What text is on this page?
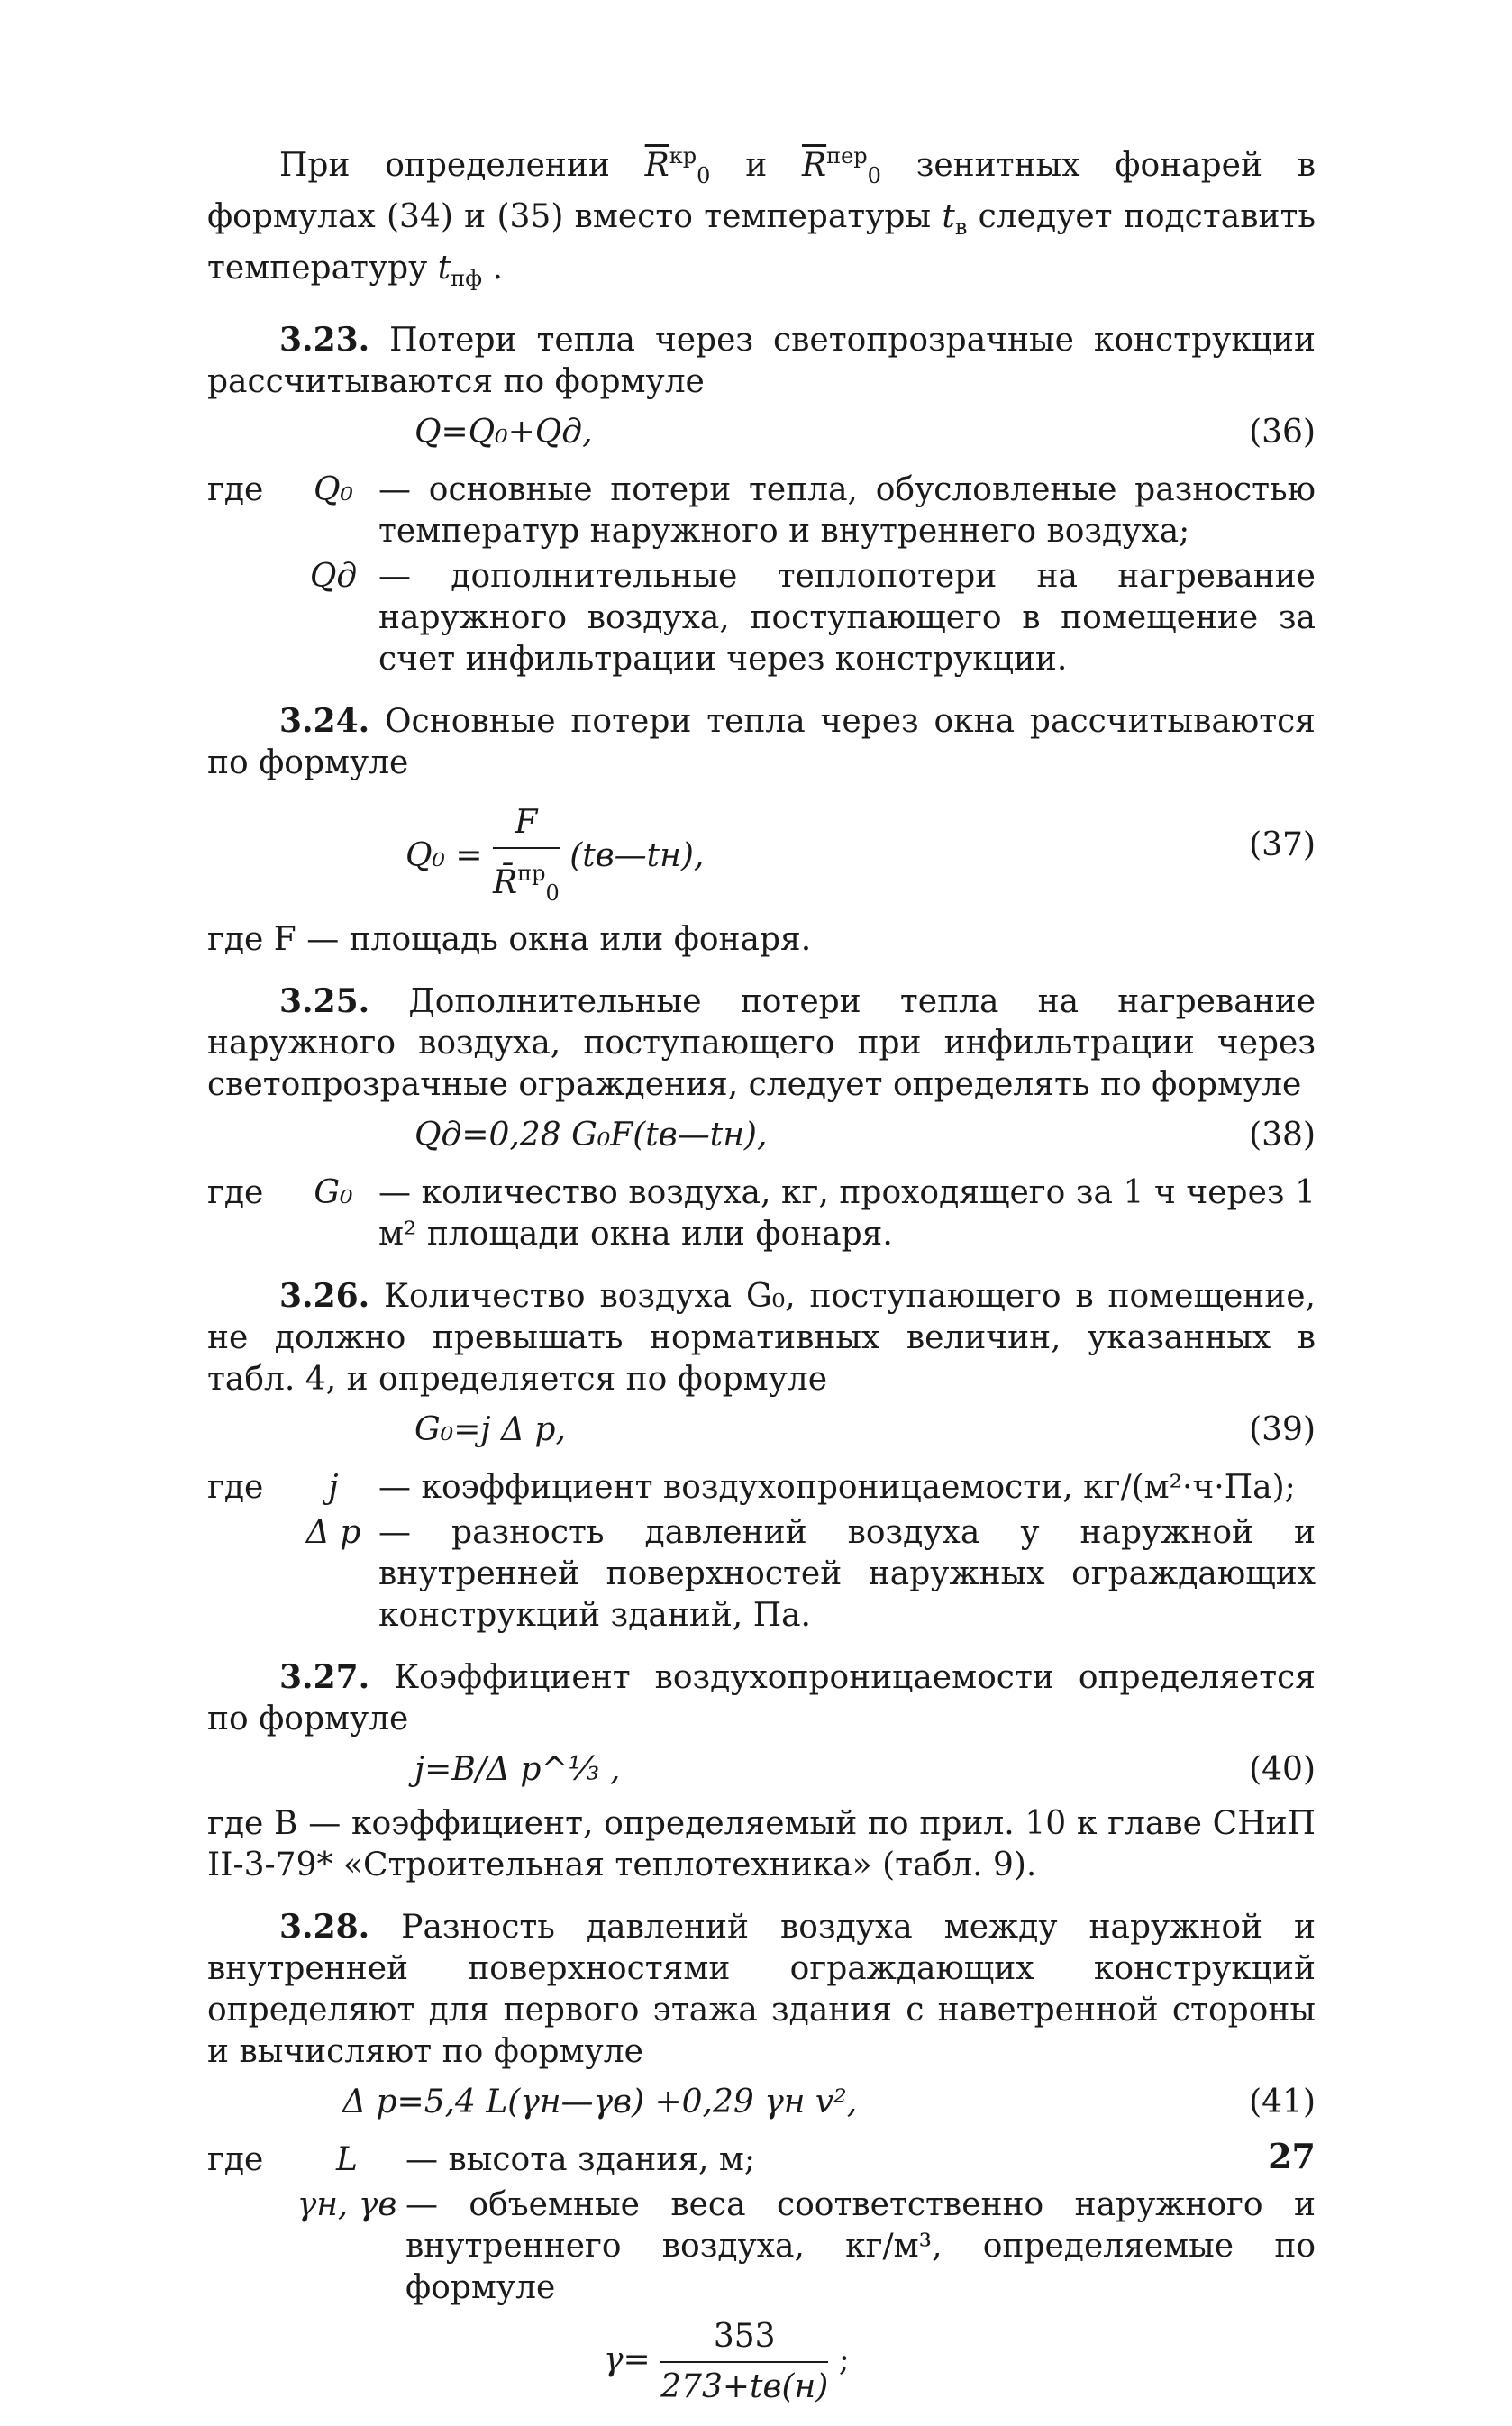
При определении $\overline{R}^{кр}_0$ и $\overline{R}^{пер}_0$ зенитных фонарей в формулах (34) и (35) вместо температуры $t_в$ следует подставить температуру $t_{пф}$ .

3.23. Потери тепла через светопрозрачные конструкции рассчитываются по формуле

Q=Q₀+Qд,	(36)
где	Q₀ — основные потери тепла, обусловленые разностью температур наружного и внутреннего воздуха;
Qд — дополнительные теплопотери на нагревание наружного воздуха, поступающего в помещение за счет инфильтрации через конструкции.

3.24. Основные потери тепла через окна рассчитываются по формуле

$Q_0 = \frac{F}{R̄^{пр}_0}$ (tв—tн),	(37)

где F — площадь окна или фонаря.

3.25. Дополнительные потери тепла на нагревание наружного воздуха, поступающего при инфильтрации через светопрозрачные ограждения, следует определять по формуле

Qд=0,28 G₀F(tв—tн),	(38)
где	G₀ — количество воздуха, кг, проходящего за 1 ч через 1 м² площади окна или фонаря.

3.26. Количество воздуха G₀, поступающего в помещение, не должно превышать нормативных величин, указанных в табл. 4, и определяется по формуле

G₀=j Δ p,	(39)
где	j	— коэффициент воздухопроницаемости, кг/(м²·ч·Па);
Δ p — разность давлений воздуха у наружной и внутренней поверхностей наружных ограждающих конструкций зданий, Па.

3.27. Коэффициент воздухопроницаемости определяется по формуле

j=B/Δ p^⅓ ,	(40)

где B — коэффициент, определяемый по прил. 10 к главе СНиП II-3-79* «Строительная теплотехника» (табл. 9).

3.28. Разность давлений воздуха между наружной и внутренней поверхностями ограждающих конструкций определяют для первого этажа здания с наветренной стороны и вычисляют по формуле

Δ p=5,4 L(γн—γв) +0,29 γн v²,	(41)
где	L	— высота здания, м;
γн, γв — объемные веса соответственно наружного и внутреннего воздуха, кг/м³, определяемые по формуле
$\gamma= \frac{353}{273+tв(н)}$ ;
27
